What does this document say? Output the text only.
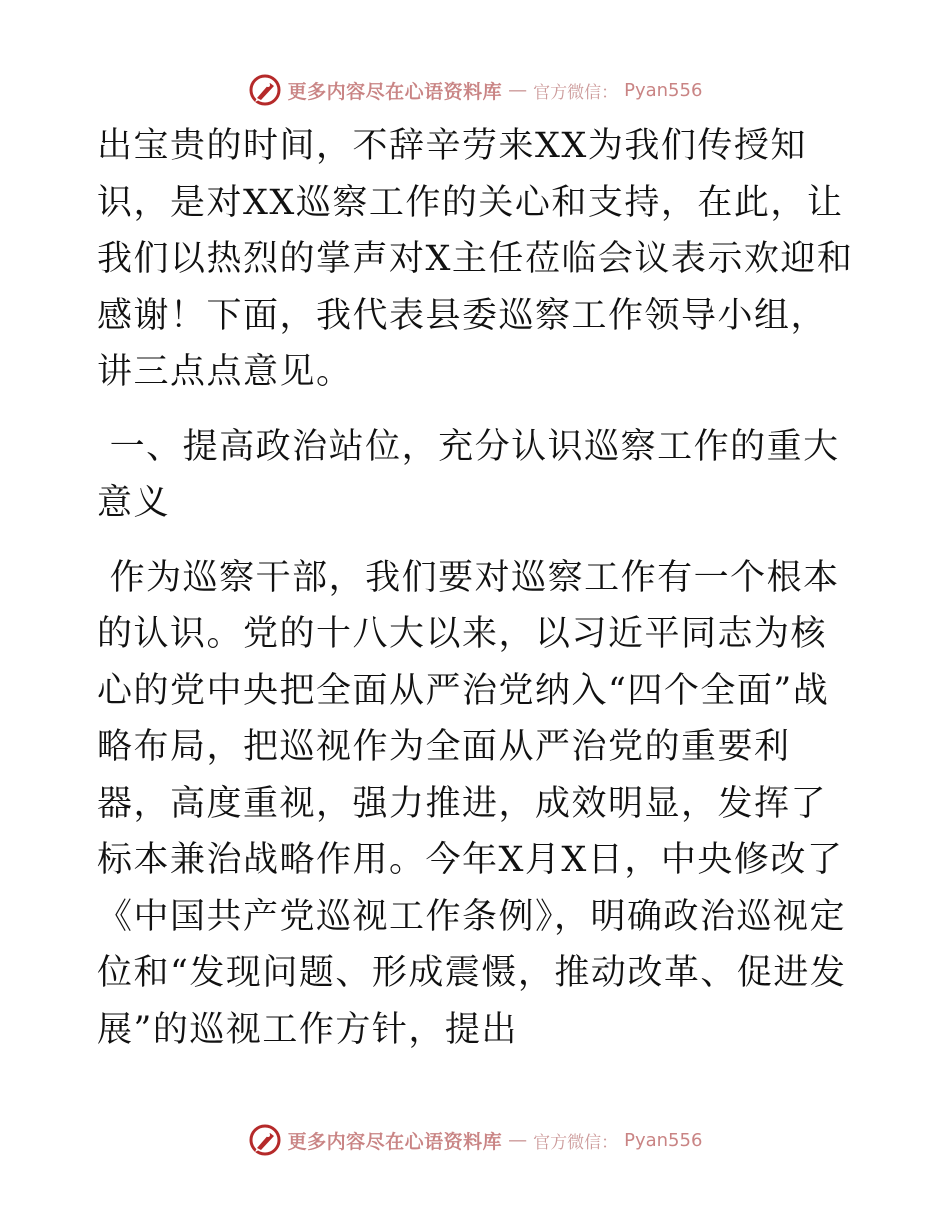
更多内容尽在心语资料库 — 官方微信： Pyan556

出宝贵的时间，不辞辛劳来XX为我们传授知识，是对XX巡察工作的关心和支持，在此，让我们以热烈的掌声对X主任莅临会议表示欢迎和感谢！下面，我代表县委巡察工作领导小组，讲三点点意见。

一、提高政治站位，充分认识巡察工作的重大意义

作为巡察干部，我们要对巡察工作有一个根本的认识。党的十八大以来，以习近平同志为核心的党中央把全面从严治党纳入“四个全面”战略布局，把巡视作为全面从严治党的重要利器，高度重视，强力推进，成效明显，发挥了标本兼治战略作用。今年X月X日，中央修改了《中国共产党巡视工作条例》，明确政治巡视定位和“发现问题、形成震慑，推动改革、促进发展”的巡视工作方针，提出

更多内容尽在心语资料库 — 官方微信： Pyan556
